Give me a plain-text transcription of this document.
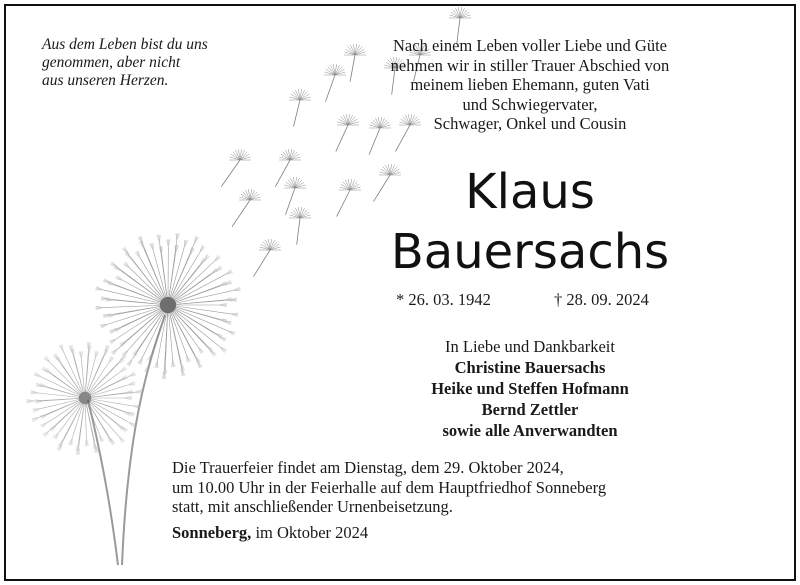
Aus dem Leben bist du uns
genommen, aber nicht
aus unseren Herzen.
Nach einem Leben voller Liebe und Güte
nehmen wir in stiller Trauer Abschied von
meinem lieben Ehemann, guten Vati
und Schwiegervater,
Schwager, Onkel und Cousin
Klaus
Bauersachs
* 26. 03. 1942	† 28. 09. 2024
In Liebe und Dankbarkeit
Christine Bauersachs
Heike und Steffen Hofmann
Bernd Zettler
sowie alle Anverwandten
Die Trauerfeier findet am Dienstag, dem 29. Oktober 2024,
um 10.00 Uhr in der Feierhalle auf dem Hauptfriedhof Sonneberg
statt, mit anschließender Urnenbeisetzung.
Sonneberg, im Oktober 2024
